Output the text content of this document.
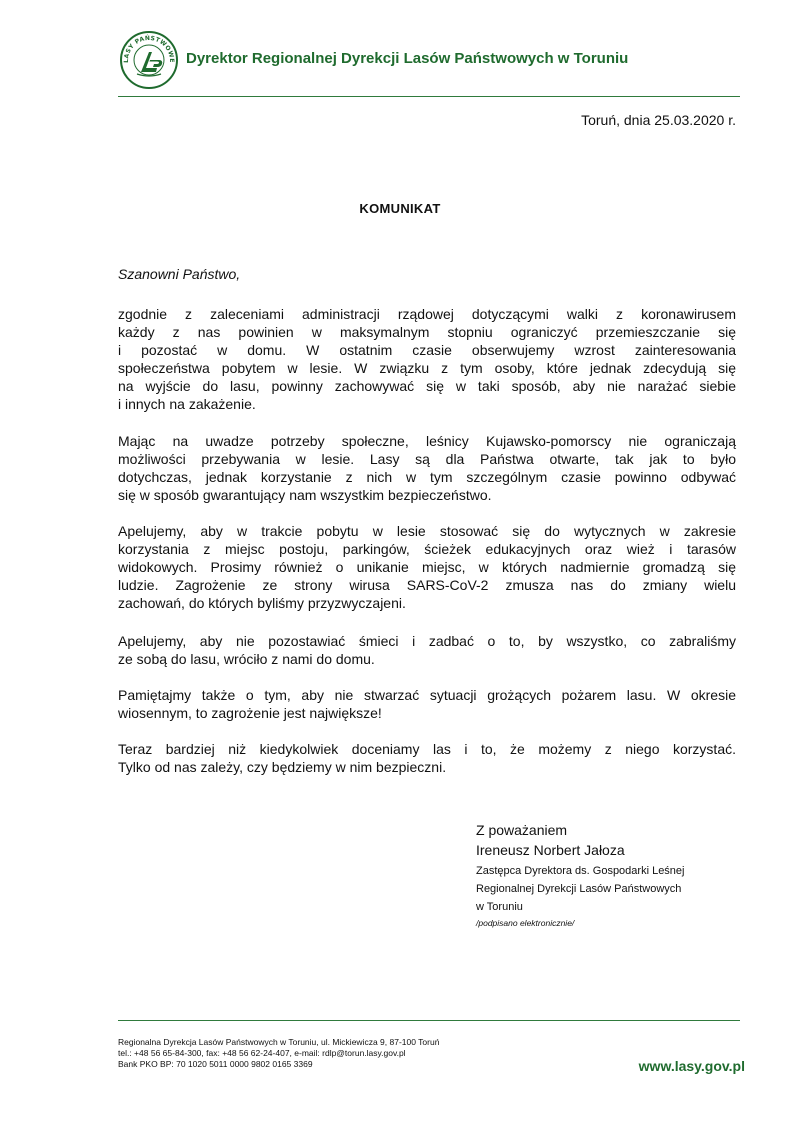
LASY PAŃSTWOWE Dyrektor Regionalnej Dyrekcji Lasów Państwowych w Toruniu
Toruń, dnia 25.03.2020 r.
KOMUNIKAT
Szanowni Państwo,
zgodnie z zaleceniami administracji rządowej dotyczącymi walki z koronawirusem
każdy z nas powinien w maksymalnym stopniu ograniczyć przemieszczanie się
i pozostać w domu. W ostatnim czasie obserwujemy wzrost zainteresowania
społeczeństwa pobytem w lesie. W związku z tym osoby, które jednak zdecydują się
na wyjście do lasu, powinny zachowywać się w taki sposób, aby nie narażać siebie
i innych na zakażenie.
Mając na uwadze potrzeby społeczne, leśnicy Kujawsko-pomorscy nie ograniczają
możliwości przebywania w lesie. Lasy są dla Państwa otwarte, tak jak to było
dotychczas, jednak korzystanie z nich w tym szczególnym czasie powinno odbywać
się w sposób gwarantujący nam wszystkim bezpieczeństwo.
Apelujemy, aby w trakcie pobytu w lesie stosować się do wytycznych w zakresie
korzystania z miejsc postoju, parkingów, ścieżek edukacyjnych oraz wież i tarasów
widokowych. Prosimy również o unikanie miejsc, w których nadmiernie gromadzą się
ludzie. Zagrożenie ze strony wirusa SARS-CoV-2 zmusza nas do zmiany wielu
zachowań, do których byliśmy przyzwyczajeni.
Apelujemy, aby nie pozostawiać śmieci i zadbać o to, by wszystko, co zabraliśmy
ze sobą do lasu, wróciło z nami do domu.
Pamiętajmy także o tym, aby nie stwarzać sytuacji grożących pożarem lasu. W okresie
wiosennym, to zagrożenie jest największe!
Teraz bardziej niż kiedykolwiek doceniamy las i to, że możemy z niego korzystać.
Tylko od nas zależy, czy będziemy w nim bezpieczni.
Z poważaniem
Ireneusz Norbert Jałoza
Zastępca Dyrektora ds. Gospodarki Leśnej
Regionalnej Dyrekcji Lasów Państwowych
w Toruniu
/podpisano elektronicznie/
Regionalna Dyrekcja Lasów Państwowych w Toruniu, ul. Mickiewicza 9, 87-100 Toruń
tel.: +48 56 65-84-300, fax: +48 56 62-24-407, e-mail: rdlp@torun.lasy.gov.pl
Bank PKO BP: 70 1020 5011 0000 9802 0165 3369	www.lasy.gov.pl
